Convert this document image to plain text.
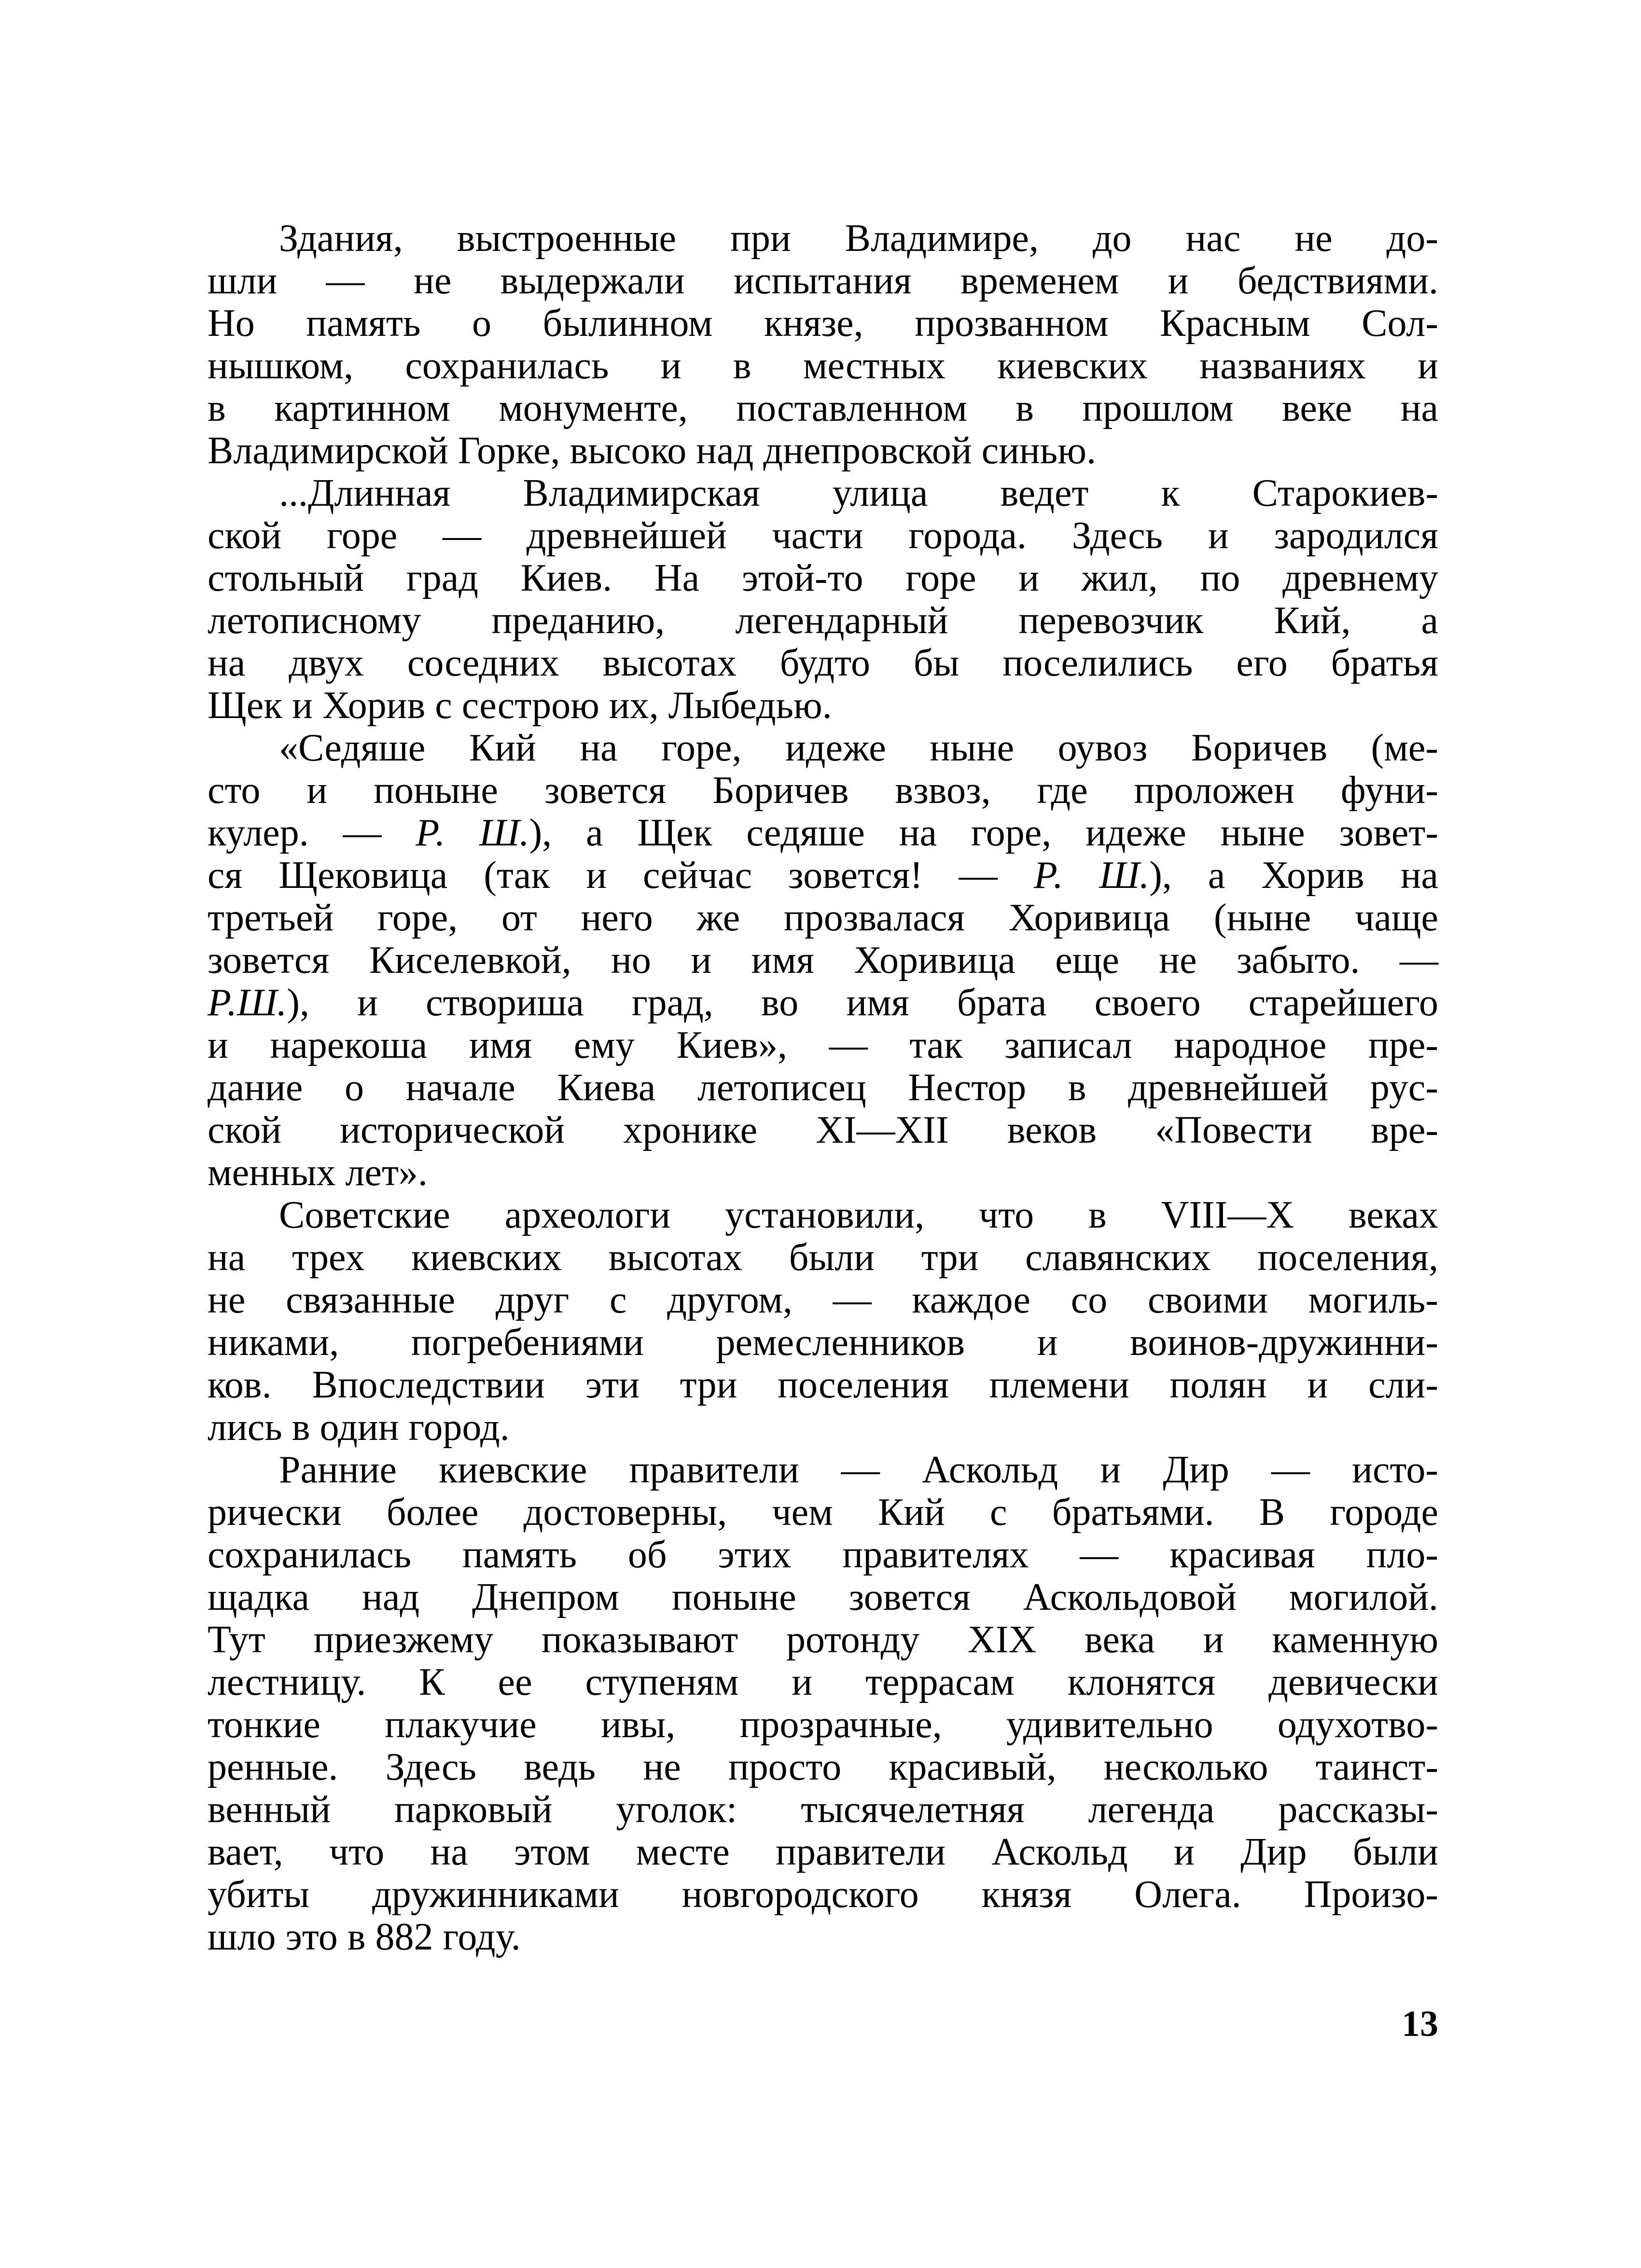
Здания, выстроенные при Владимире, до нас не до-
шли — не выдержали испытания временем и бедствиями.
Но память о былинном князе, прозванном Красным Сол-
нышком, сохранилась и в местных киевских названиях и
в картинном монументе, поставленном в прошлом веке на
Владимирской Горке, высоко над днепровской синью.
...Длинная Владимирская улица ведет к Старокиев-
ской горе — древнейшей части города. Здесь и зародился
стольный град Киев. На этой-то горе и жил, по древнему
летописному преданию, легендарный перевозчик Кий, а
на двух соседних высотах будто бы поселились его братья
Щек и Хорив с сестрою их, Лыбедью.
«Седяше Кий на горе, идеже ныне оувоз Боричев (ме-
сто и поныне зовется Боричев взвоз, где проложен фуни-
кулер. — Р. Ш.), а Щек седяше на горе, идеже ныне зовет-
ся Щековица (так и сейчас зовется! — Р. Ш.), а Хорив на
третьей горе, от него же прозвалася Хоривица (ныне чаще
зовется Киселевкой, но и имя Хоривица еще не забыто. —
Р.Ш.), и створиша град, во имя брата своего старейшего
и нарекоша имя ему Киев», — так записал народное пре-
дание о начале Киева летописец Нестор в древнейшей рус-
ской исторической хронике XI—XII веков «Повести вре-
менных лет».
Советские археологи установили, что в VIII—X веках
на трех киевских высотах были три славянских поселения,
не связанные друг с другом, — каждое со своими могиль-
никами, погребениями ремесленников и воинов-дружинни-
ков. Впоследствии эти три поселения племени полян и сли-
лись в один город.
Ранние киевские правители — Аскольд и Дир — исто-
рически более достоверны, чем Кий с братьями. В городе
сохранилась память об этих правителях — красивая пло-
щадка над Днепром поныне зовется Аскольдовой могилой.
Тут приезжему показывают ротонду XIX века и каменную
лестницу. К ее ступеням и террасам клонятся девически
тонкие плакучие ивы, прозрачные, удивительно одухотво-
ренные. Здесь ведь не просто красивый, несколько таинст-
венный парковый уголок: тысячелетняя легенда рассказы-
вает, что на этом месте правители Аскольд и Дир были
убиты дружинниками новгородского князя Олега. Произо-
шло это в 882 году.
13
